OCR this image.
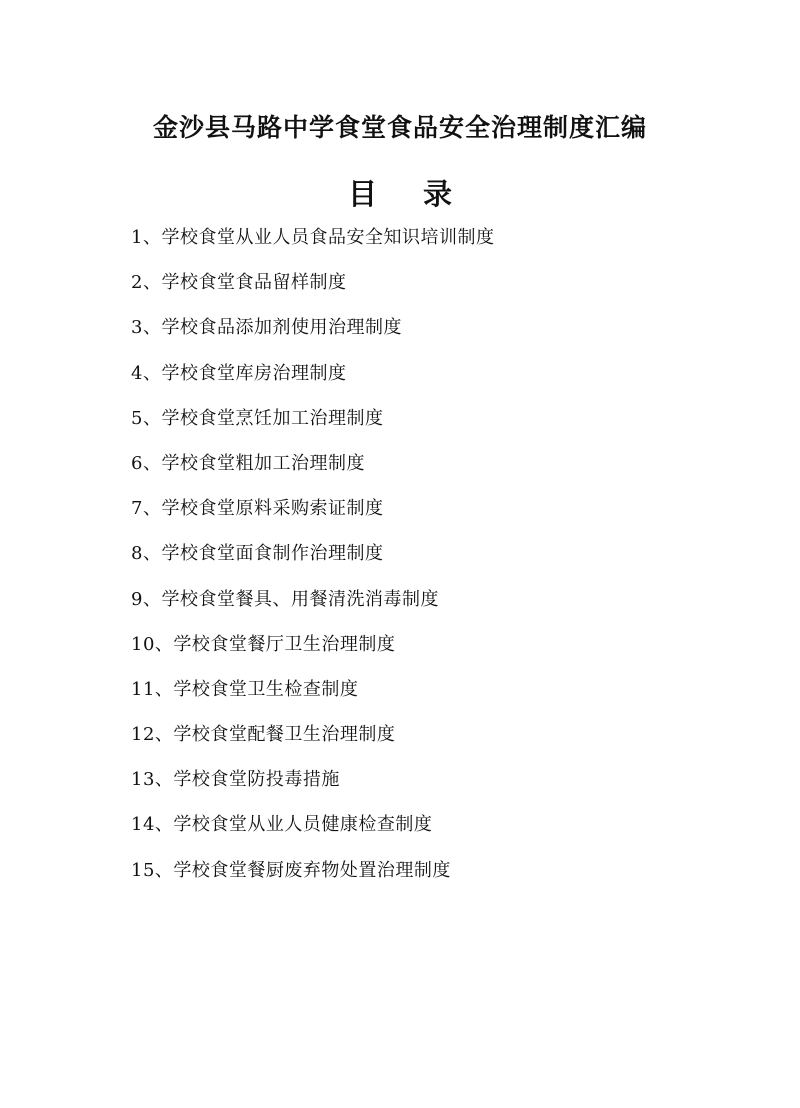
金沙县马路中学食堂食品安全治理制度汇编
目 录
1、学校食堂从业人员食品安全知识培训制度
2、学校食堂食品留样制度
3、学校食品添加剂使用治理制度
4、学校食堂库房治理制度
5、学校食堂烹饪加工治理制度
6、学校食堂粗加工治理制度
7、学校食堂原料采购索证制度
8、学校食堂面食制作治理制度
9、学校食堂餐具、用餐清洗消毒制度
10、学校食堂餐厅卫生治理制度
11、学校食堂卫生检查制度
12、学校食堂配餐卫生治理制度
13、学校食堂防投毒措施
14、学校食堂从业人员健康检查制度
15、学校食堂餐厨废弃物处置治理制度
